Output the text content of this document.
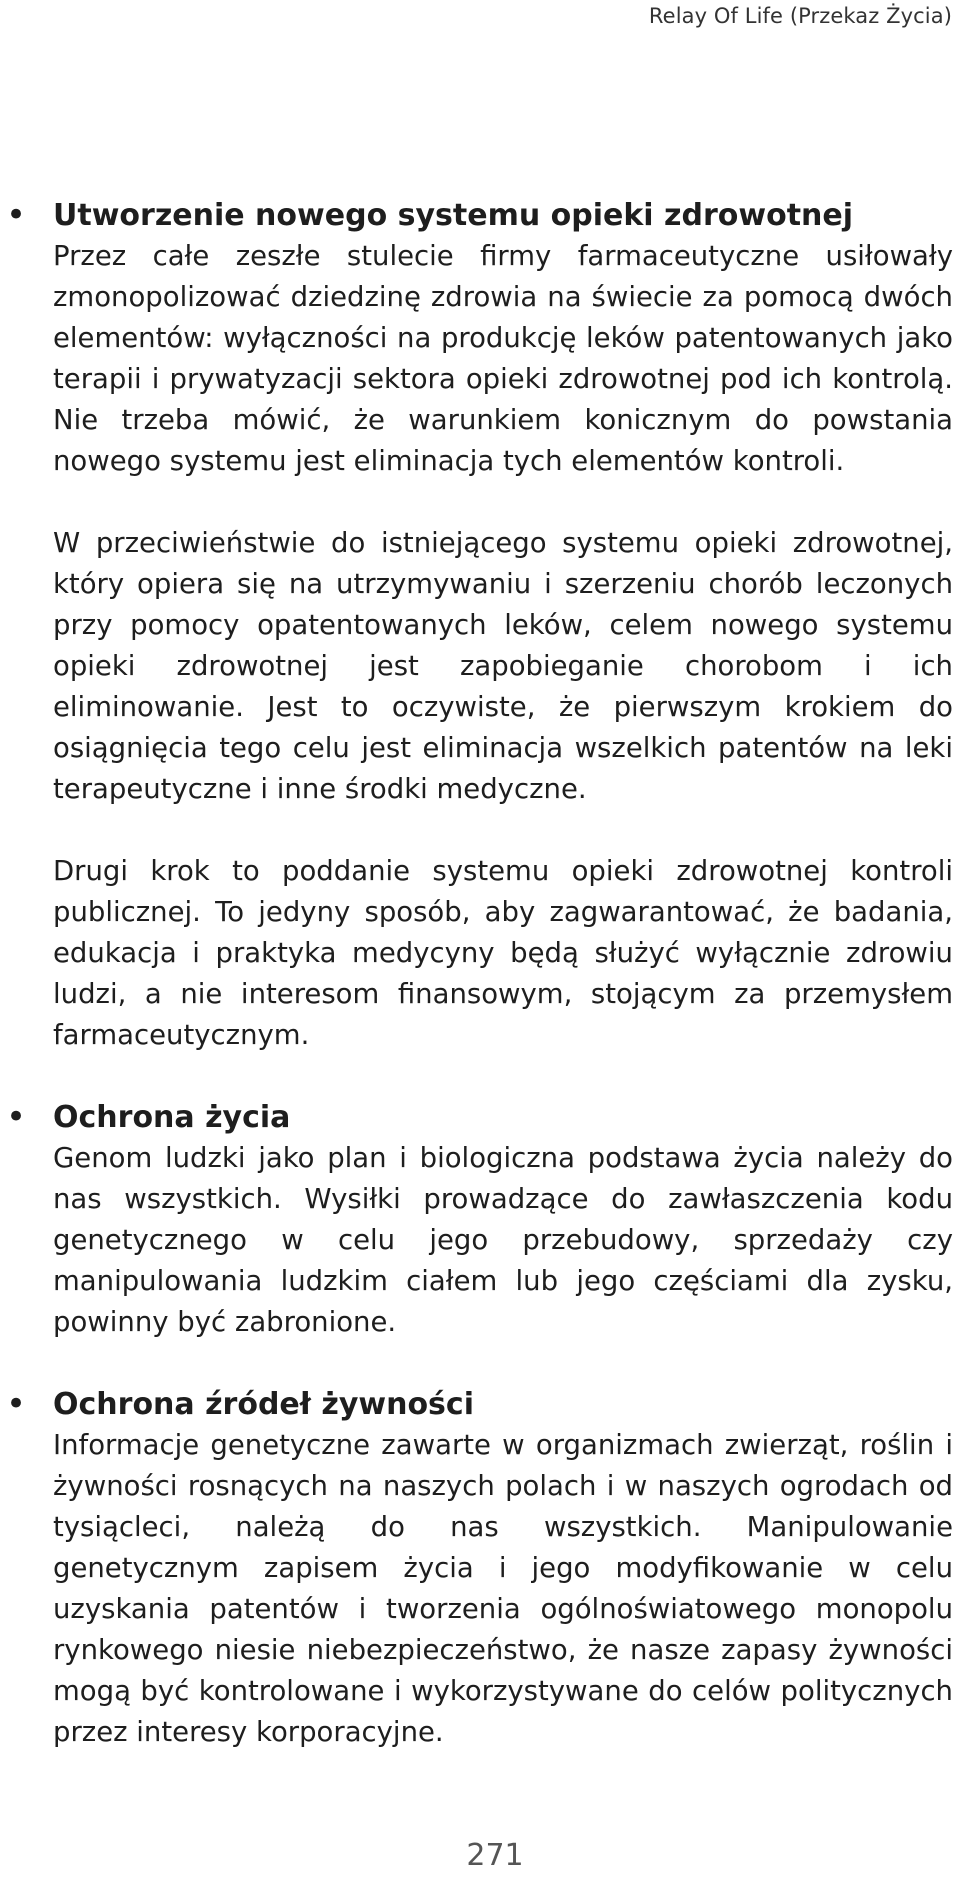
Relay Of Life (Przekaz Życia)
• Utworzenie nowego systemu opieki zdrowotnej

Przez całe zeszłe stulecie firmy farmaceutyczne usiłowały zmonopolizować dziedzinę zdrowia na świecie za pomocą dwóch elementów: wyłączności na produkcję leków patentowanych jako terapii i prywatyzacji sektora opieki zdrowotnej pod ich kontrolą. Nie trzeba mówić, że warunkiem konicznym do powstania nowego systemu jest eliminacja tych elementów kontroli.

W przeciwieństwie do istniejącego systemu opieki zdrowotnej, który opiera się na utrzymywaniu i szerzeniu chorób leczonych przy pomocy opatentowanych leków, celem nowego systemu opieki zdrowotnej jest zapobieganie chorobom i ich eliminowanie. Jest to oczywiste, że pierwszym krokiem do osiągnięcia tego celu jest eliminacja wszelkich patentów na leki terapeutyczne i inne środki medyczne.

Drugi krok to poddanie systemu opieki zdrowotnej kontroli publicznej. To jedyny sposób, aby zagwarantować, że badania, edukacja i praktyka medycyny będą służyć wyłącznie zdrowiu ludzi, a nie interesom finansowym, stojącym za przemysłem farmaceutycznym.

• Ochrona życia

Genom ludzki jako plan i biologiczna podstawa życia należy do nas wszystkich. Wysiłki prowadzące do zawłaszczenia kodu genetycznego w celu jego przebudowy, sprzedaży czy manipulowania ludzkim ciałem lub jego częściami dla zysku, powinny być zabronione.

• Ochrona źródeł żywności

Informacje genetyczne zawarte w organizmach zwierząt, roślin i żywności rosnących na naszych polach i w naszych ogrodach od tysiącleci, należą do nas wszystkich. Manipulowanie genetycznym zapisem życia i jego modyfikowanie w celu uzyskania patentów i tworzenia ogólnoświatowego monopolu rynkowego niesie niebezpieczeństwo, że nasze zapasy żywności mogą być kontrolowane i wykorzystywane do celów politycznych przez interesy korporacyjne.

271
